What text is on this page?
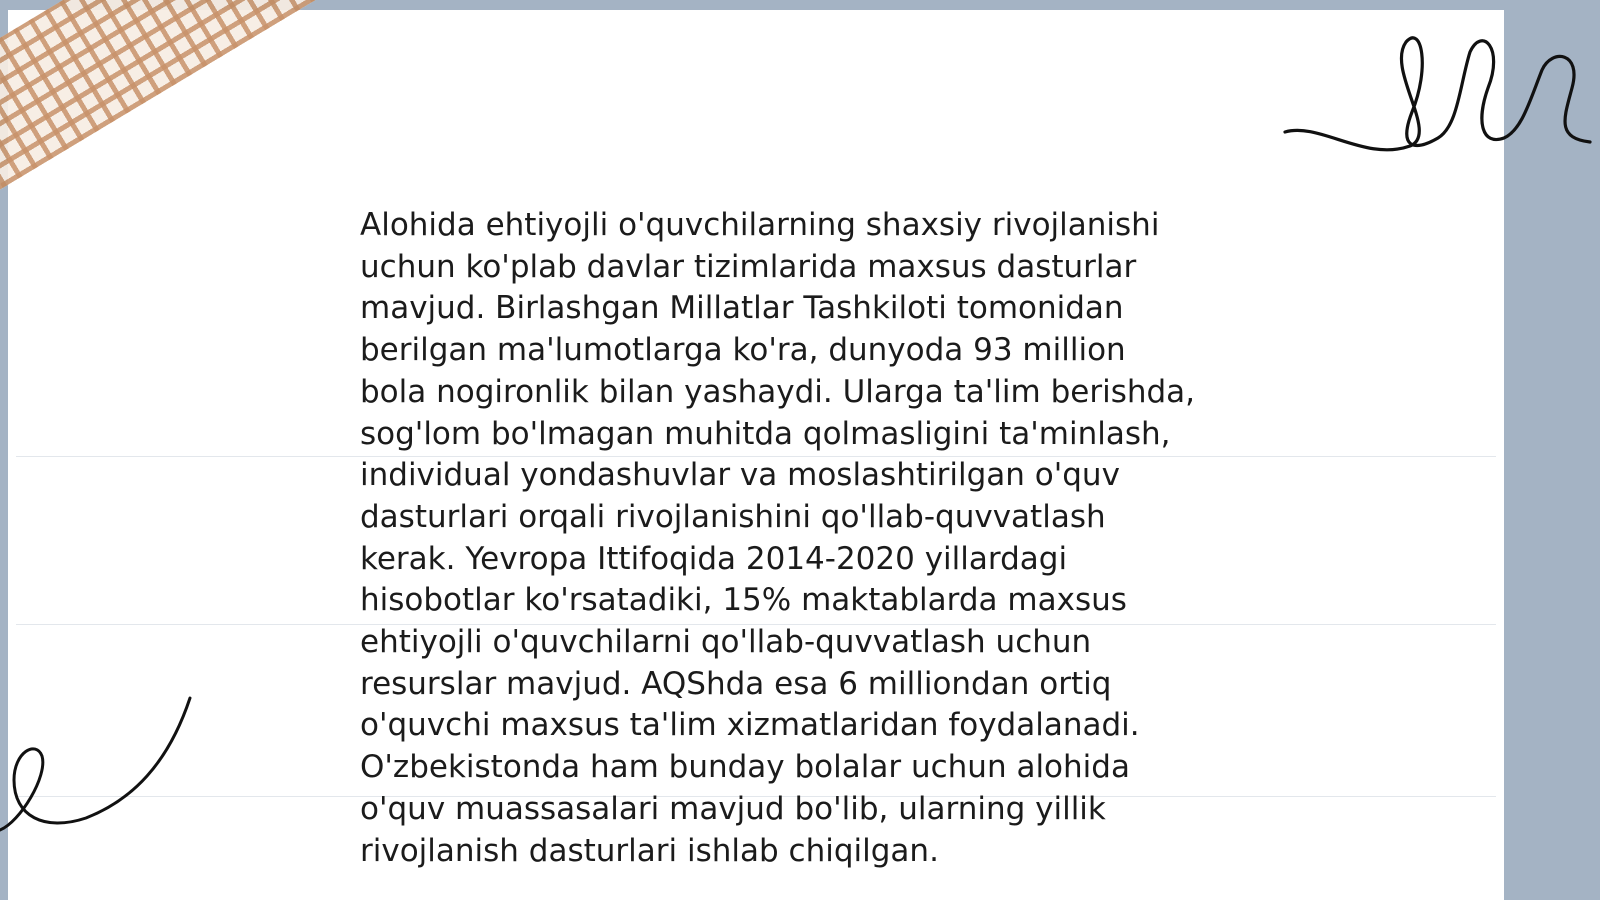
Alohida ehtiyojli o'quvchilarning shaxsiy rivojlanishi
uchun ko'plab davlar tizimlarida maxsus dasturlar
mavjud. Birlashgan Millatlar Tashkiloti tomonidan
berilgan ma'lumotlarga ko'ra, dunyoda 93 million
bola nogironlik bilan yashaydi. Ularga ta'lim berishda,
sog'lom bo'lmagan muhitda qolmasligini ta'minlash,
individual yondashuvlar va moslashtirilgan o'quv
dasturlari orqali rivojlanishini qo'llab-quvvatlash
kerak. Yevropa Ittifoqida 2014-2020 yillardagi
hisobotlar ko'rsatadiki, 15% maktablarda maxsus
ehtiyojli o'quvchilarni qo'llab-quvvatlash uchun
resurslar mavjud. AQShda esa 6 milliondan ortiq
o'quvchi maxsus ta'lim xizmatlaridan foydalanadi.
O'zbekistonda ham bunday bolalar uchun alohida
o'quv muassasalari mavjud bo'lib, ularning yillik
rivojlanish dasturlari ishlab chiqilgan.
